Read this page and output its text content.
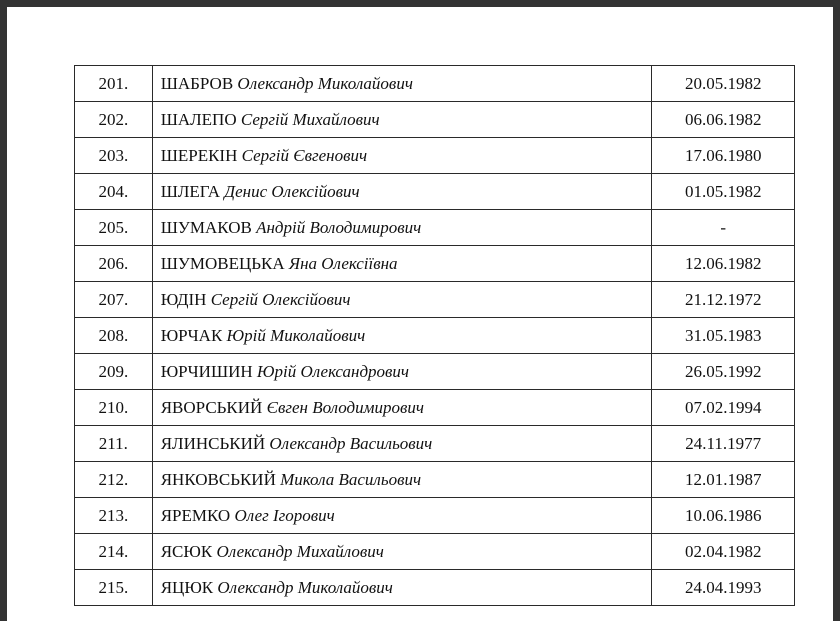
201.	ШАБРОВ Олександр Миколайович	20.05.1982
202.	ШАЛЕПО Сергій Михайлович	06.06.1982
203.	ШЕРЕКІН Сергій Євгенович	17.06.1980
204.	ШЛЕГА Денис Олексійович	01.05.1982
205.	ШУМАКОВ Андрій Володимирович	-
206.	ШУМОВЕЦЬКА Яна Олексіївна	12.06.1982
207.	ЮДІН Сергій Олексійович	21.12.1972
208.	ЮРЧАК Юрій Миколайович	31.05.1983
209.	ЮРЧИШИН Юрій Олександрович	26.05.1992
210.	ЯВОРСЬКИЙ Євген Володимирович	07.02.1994
211.	ЯЛИНСЬКИЙ Олександр Васильович	24.11.1977
212.	ЯНКОВСЬКИЙ Микола Васильович	12.01.1987
213.	ЯРЕМКО Олег Ігорович	10.06.1986
214.	ЯСЮК Олександр Михайлович	02.04.1982
215.	ЯЦЮК Олександр Миколайович	24.04.1993
